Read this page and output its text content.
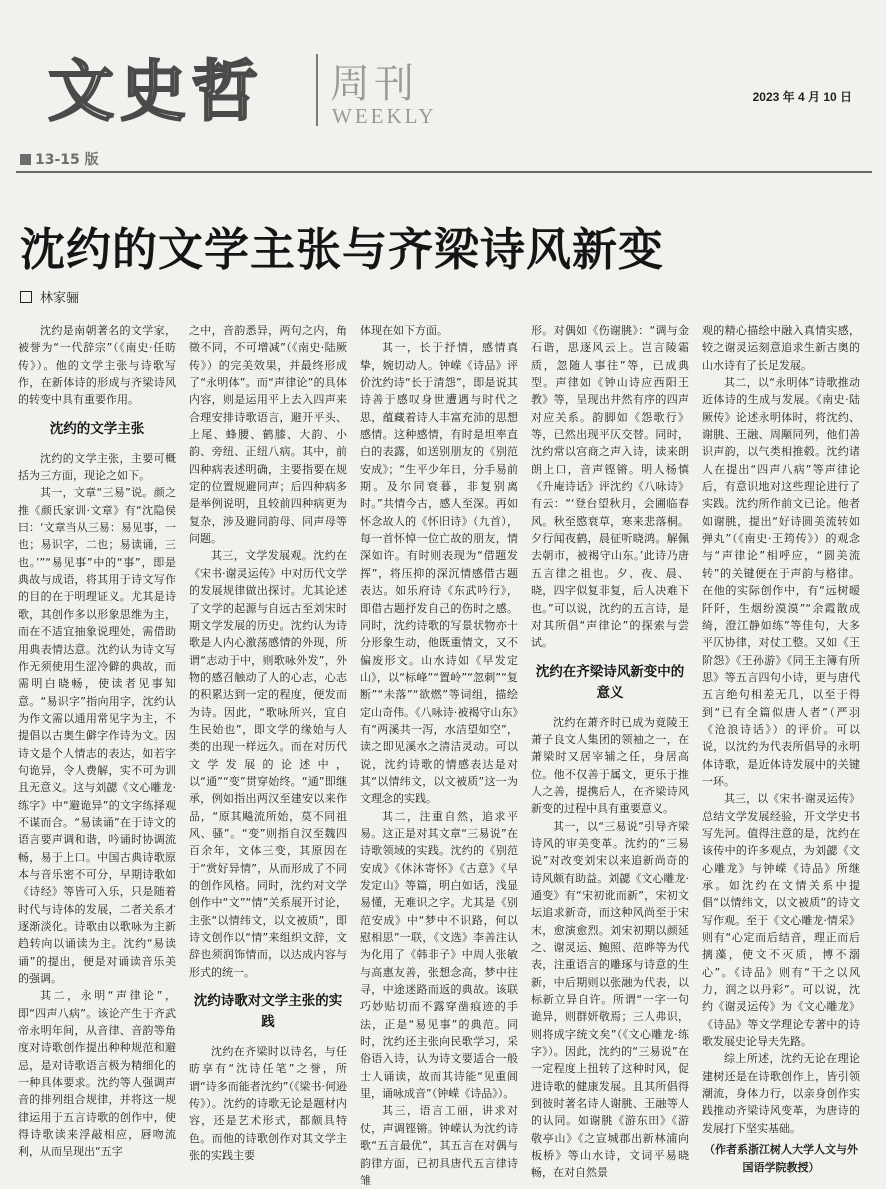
文史哲 周刊
WEEKLY
2023 年 4 月 10 日
13-15 版
沈约的文学主张与齐梁诗风新变
林家骊

沈约是南朝著名的文学家，被誉为“一代辞宗”（《南史·任昉传》）。他的文学主张与诗歌写作，在新体诗的形成与齐梁诗风的转变中具有重要作用。

沈约的文学主张

沈约的文学主张，主要可概括为三方面，现论之如下。

其一，文章“三易”说。颜之推《颜氏家训·文章》有“沈隐侯曰：‘文章当从三易：易见事，一也；易识字，二也；易读诵，三也。’”“易见事”中的“事”，即是典故与成语，将其用于诗文写作的目的在于明理证义。尤其是诗歌，其创作多以形象思维为主，而在不适宜抽象说理处，需借助用典表情达意。沈约认为诗文写作无须使用生涩冷僻的典故，而需明白晓畅，使读者见事知意。“易识字”指向用字，沈约认为作文需以通用常见字为主，不提倡以古奥生僻字作诗为文。因诗文是个人情志的表达，如若字句诡异，令人费解，实不可为训且无意义。这与刘勰《文心雕龙·练字》中“避诡异”的文字练择观不谋而合。“易读诵”在于诗文的语言要声调和谐，吟诵时协调流畅，易于上口。中国古典诗歌原本与音乐密不可分，早期诗歌如《诗经》等皆可入乐，只是随着时代与诗体的发展，二者关系才逐渐淡化。诗歌由以歌咏为主新趋转向以诵读为主。沈约“易读诵”的提出，便是对诵读音乐美的强调。

其二，永明“声律论”，即“四声八病”。该论产生于齐武帝永明年间，从音律、音韵等角度对诗歌创作提出种种规范和避忌，是对诗歌语言极为精细化的一种具体要求。沈约等人强调声音的排列组合规律，并将这一规律运用于五言诗歌的创作中，使得诗歌读来浮敲相应，唇吻流利，从而呈现出“五字

之中，音韵悉异，两句之内，角徵不同，不可增减”（《南史·陆厥传》）的完美效果，并最终形成了“永明体”。而“声律论”的具体内容，则是运用平上去入四声来合理安排诗歌语言，避开平头、上尾、蜂腰、鹤膝、大韵、小韵、旁纽、正纽八病。其中，前四种病表述明确，主要指要在规定的位置规避同声；后四种病多是举例说明，且较前四种病更为复杂，涉及避同韵母、同声母等问题。

其三，文学发展观。沈约在《宋书·谢灵运传》中对历代文学的发展规律做出探讨。尤其论述了文学的起源与自远古至刘宋时期文学发展的历史。沈约认为诗歌是人内心激荡感情的外现，所谓“志动于中，则歌咏外发”，外物的感召触动了人的心志，心志的积累达到一定的程度，便发而为诗。因此，“歌咏所兴，宜自生民始也”，即文学的缘始与人类的出现一样远久。而在对历代文学发展的论述中，以“通”“变”贯穿始终。“通”即继承，例如指出两汉至建安以来作品，“原其飚流所始，莫不同祖风、骚”。“变”则指自汉至魏四百余年，文体三变，其原因在于“赏好异情”，从而形成了不同的创作风格。同时，沈约对文学创作中“文”“情”关系展开讨论，主张“以情纬文，以文被质”，即诗文创作以“情”来组织文辞，文辞也须润饰情而，以达成内容与形式的统一。

沈约诗歌对文学主张的实践

沈约在齐梁时以诗名，与任昉享有“沈诗任笔”之誉，所谓“诗多而能者沈约”（《梁书·何逊传》）。沈约的诗歌无论是题材内容，还是艺术形式，都颇具特色。而他的诗歌创作对其文学主张的实践主要

体现在如下方面。

其一，长于抒情，感情真挚，婉切动人。钟嵘《诗品》评价沈约诗“长于清怨”，即是说其诗善于感叹身世遭遇与时代之思，蕴藏着诗人丰富充沛的思想感情。这种感情，有时是坦率直白的表露，如送别朋友的《别范安成》；“生平少年日，分手易前期。及尔同衰暮，非复别离时。”共情今古，感人至深。再如怀念故人的《怀旧诗》（九首），每一首怀悼一位亡故的朋友，情深如许。有时则表现为“借题发挥”，将压抑的深沉情感借古题表达。如乐府诗《东武吟行》，即借古题抒发自己的伤时之感。同时，沈约诗歌的写景状物亦十分形象生动，他既重情文，又不偏废形文。山水诗如《早发定山》，以“标峰”“置岭”“忽刺”“复断”“未落”“欲燃”等词组，描绘定山奇伟。《八咏诗·被褐守山东》有“两溪共一泻，水洁望如空”，读之即见溪水之清洁灵动。可以说，沈约诗歌的情感表达是对其“以情纬文，以文被质”这一为文理念的实践。

其二，注重自然，追求平易。这正是对其文章“三易说”在诗歌领域的实践。沈约的《别范安成》《休沐寄怀》《古意》《早发定山》等篇，明白如话，浅显易懂，无难识之字。尤其是《别范安成》中“梦中不识路，何以慰相思”一联，《文选》李善注认为化用了《韩非子》中周人张敏与高惠友善，张想念高，梦中往寻，中途迷路而返的典故。该联巧妙贴切而不露穿凿痕迹的手法，正是“易见事”的典范。同时，沈约还主张向民歌学习，采俗语入诗，认为诗文要适合一般士人诵读，故而其诗能“见重阊里，诵咏成音”（钟嵘《诗品》）。

其三，语言工丽，讲求对仗，声调铿锵。钟嵘认为沈约诗歌“五言最优”，其五言在对偶与韵律方面，已初具唐代五言律诗雏

形。对偶如《伤谢朓》：“调与金石谐，思逐风云上。岂言陵霜质，忽随人事往”等，已成典型。声律如《钟山诗应西阳王教》等，呈现出井然有序的四声对应关系。韵脚如《怨歌行》等，已然出现平仄交替。同时，沈约常以宫商之声入诗，读来朗朗上口，音声铿锵。明人杨慎《升庵诗话》评沈约《八咏诗》有云：“‘登台望秋月，会圃临春风。秋至愍衰草，寒来悲落桐。夕行闻夜鹤，晨征听晓鸿。解佩去朝市，被褐守山东。’此诗乃唐五言律之祖也。夕、夜、晨、晓，四字似复非复，后人决难下也。”可以说，沈约的五言诗，是对其所倡“声律论”的探索与尝试。

沈约在齐梁诗风新变中的意义

沈约在萧齐时已成为竟陵王萧子良文人集团的领袖之一，在萧梁时又居宰辅之任，身居高位。他不仅善于属文，更乐于推人之善，提携后人，在齐梁诗风新变的过程中具有重要意义。

其一，以“三易说”引导齐梁诗风的审美变革。沈约的“三易说”对改变刘宋以来追新尚奇的诗风颇有助益。刘勰《文心雕龙·通变》有“宋初讹而新”，宋初文坛追求新奇，而这种风尚至于宋末，愈演愈烈。刘宋初期以颜延之、谢灵运、鲍照、范晔等为代表，注重语言的雕琢与诗意的生新，中后期则以张融为代表，以标新立异自许。所谓“一字一句诡异，则群妍敬焉；三人弗识，则将成字统文矣”（《文心雕龙·练字》）。因此，沈约的“三易说”在一定程度上扭转了这种时风，促进诗歌的健康发展。且其所倡得到彼时著名诗人谢朓、王融等人的认同。如谢朓《游东田》《游敬亭山》《之宣城郡出新林浦向板桥》等山水诗，文词平易晓畅，在对自然景

观的精心描绘中融入真情实感，较之谢灵运刻意追求生新古奥的山水诗有了长足发展。

其二，以“永明体”诗歌推动近体诗的生成与发展。《南史·陆厥传》论述永明体时，将沈约、谢朓、王融、周颙同列，他们善识声韵，以气类相推毂。沈约诸人在提出“四声八病”等声律论后，有意识地对这些理论进行了实践。沈约所作前文已论。他者如谢朓，提出“好诗圆美流转如弹丸”（《南史·王筠传》）的观念与“声律论”相呼应，“圆美流转”的关键便在于声韵与格律。在他的实际创作中，有“远树暧阡阡，生烟纷漠漠”“余霞散成绮，澄江静如练”等佳句，大多平仄协律，对仗工整。又如《王阶怨》《王孙游》《同王主簿有所思》等五言四句小诗，更与唐代五言绝句相差无几，以至于得到“已有全篇似唐人者”（严羽《沧浪诗话》）的评价。可以说，以沈约为代表所倡导的永明体诗歌，是近体诗发展中的关键一环。

其三，以《宋书·谢灵运传》总结文学发展经验，开文学史书写先河。值得注意的是，沈约在该传中的许多观点，为刘勰《文心雕龙》与钟嵘《诗品》所继承。如沈约在文情关系中提倡“以情纬文，以文被质”的诗文写作观。至于《文心雕龙·情采》则有“心定而后结音，理正而后摛藻，使文不灭质，博不溺心”。《诗品》则有“干之以风力，润之以丹彩”。可以说，沈约《谢灵运传》为《文心雕龙》《诗品》等文学理论专著中的诗歌发展史论导夫先路。

综上所述，沈约无论在理论建树还是在诗歌创作上，皆引领潮流，身体力行，以亲身创作实践推动齐梁诗风变革，为唐诗的发展打下坚实基础。

（作者系浙江树人大学人文与外国语学院教授）
